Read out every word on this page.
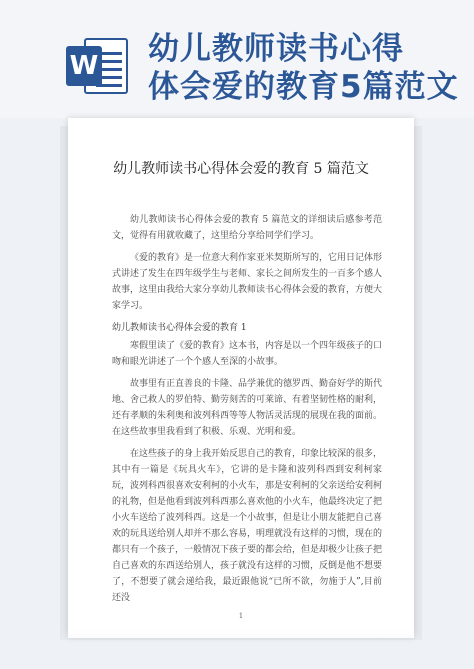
W 幼儿教师读书心得
体会爱的教育5篇范文
幼儿教师读书心得体会爱的教育 5 篇范文

幼儿教师读书心得体会爱的教育 5 篇范文的详细读后感参考范文，觉得有用就收藏了，这里给分享给同学们学习。

《爱的教育》是一位意大利作家亚米契斯所写的，它用日记体形式讲述了发生在四年级学生与老师、家长之间所发生的一百多个感人故事，这里由我给大家分享幼儿教师读书心得体会爱的教育，方便大家学习。

幼儿教师读书心得体会爱的教育 1

寒假里读了《爱的教育》这本书，内容是以一个四年级孩子的口吻和眼光讲述了一个个感人至深的小故事。

故事里有正直善良的卡隆、品学兼优的德罗西、勤奋好学的斯代地、舍己救人的罗伯特、勤劳刻苦的可莱谛、有着坚韧性格的耐利，还有孝顺的朱利奥和波列科西等等人物活灵活现的展现在我的面前。在这些故事里我看到了积极、乐观、光明和爱。

在这些孩子的身上我开始反思自己的教育，印象比较深的很多，其中有一篇是《玩具火车》，它讲的是卡隆和波列科西到安利柯家玩，波列科西很喜欢安利柯的小火车，那是安利柯的父亲送给安利柯的礼物，但是他看到波列科西那么喜欢他的小火车，他最终决定了把小火车送给了波列科西。这是一个小故事，但是让小朋友能把自己喜欢的玩具送给别人却并不那么容易，明理就没有这样的习惯，现在的都只有一个孩子，一般情况下孩子要的都会给，但是却极少让孩子把自己喜欢的东西送给别人，孩子就没有这样的习惯，反倒是他不想要了，不想要了就会递给我，最近跟他说“已所不欲，勿施于人”,目前还没

1
